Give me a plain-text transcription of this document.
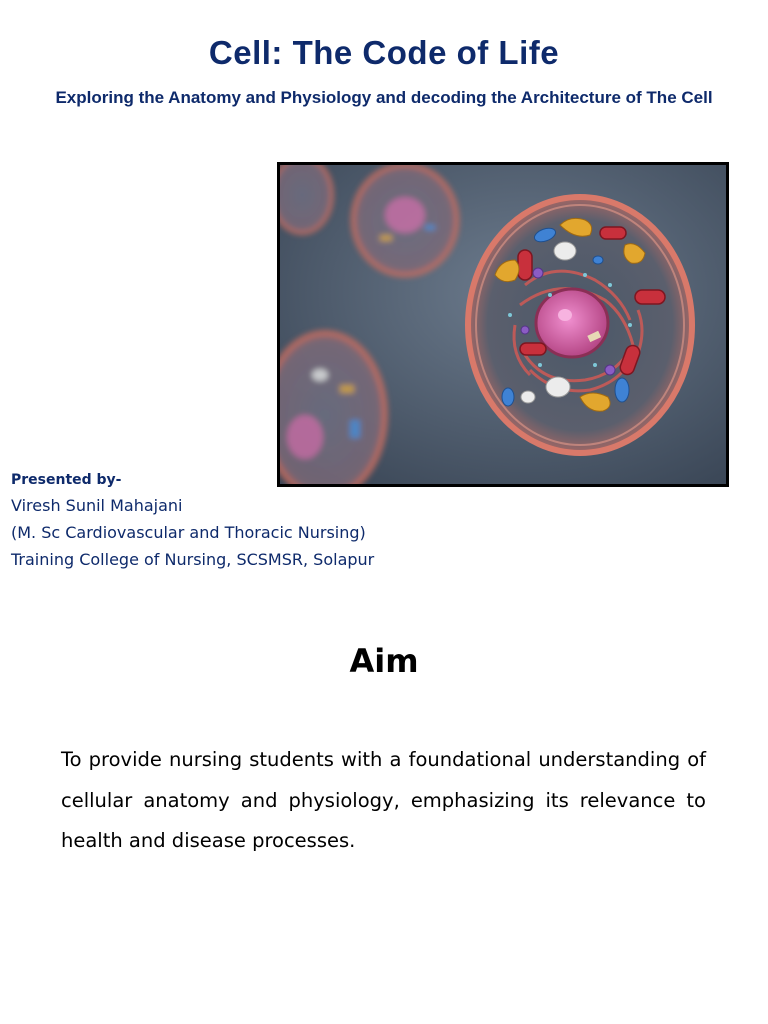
Cell: The Code of Life
Exploring the Anatomy and Physiology and decoding the Architecture of The Cell
Presented by-
Viresh Sunil Mahajani
(M. Sc Cardiovascular and Thoracic Nursing)
Training College of Nursing, SCSMSR, Solapur
Aim
To provide nursing students with a foundational understanding of cellular anatomy and physiology, emphasizing its relevance to health and disease processes.
